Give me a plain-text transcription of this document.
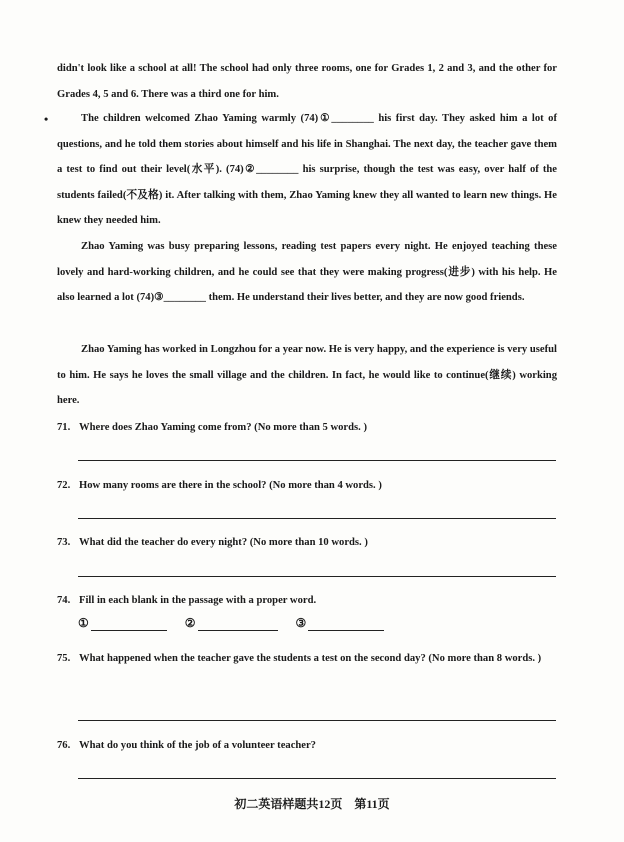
•

didn't look like a school at all! The school had only three rooms, one for Grades 1, 2 and 3, and the other for Grades 4, 5 and 6. There was a third one for him.

The children welcomed Zhao Yaming warmly (74)①________ his first day. They asked him a lot of questions, and he told them stories about himself and his life in Shanghai. The next day, the teacher gave them a test to find out their level(水平). (74)②________ his surprise, though the test was easy, over half of the students failed(不及格) it. After talking with them, Zhao Yaming knew they all wanted to learn new things. He knew they needed him.

Zhao Yaming was busy preparing lessons, reading test papers every night. He enjoyed teaching these lovely and hard-working children, and he could see that they were making progress(进步) with his help. He also learned a lot (74)③________ them. He understand their lives better, and they are now good friends.

Zhao Yaming has worked in Longzhou for a year now. He is very happy, and the experience is very useful to him. He says he loves the small village and the children. In fact, he would like to continue(继续) working here.

71. Where does Zhao Yaming come from? (No more than 5 words. )

72. How many rooms are there in the school? (No more than 4 words. )

73. What did the teacher do every night? (No more than 10 words. )

74. Fill in each blank in the passage with a proper word.

①	②	③

75. What happened when the teacher gave the students a test on the second day? (No more than 8 words. )

76. What do you think of the job of a volunteer teacher?

初二英语样题共12页 第11页
